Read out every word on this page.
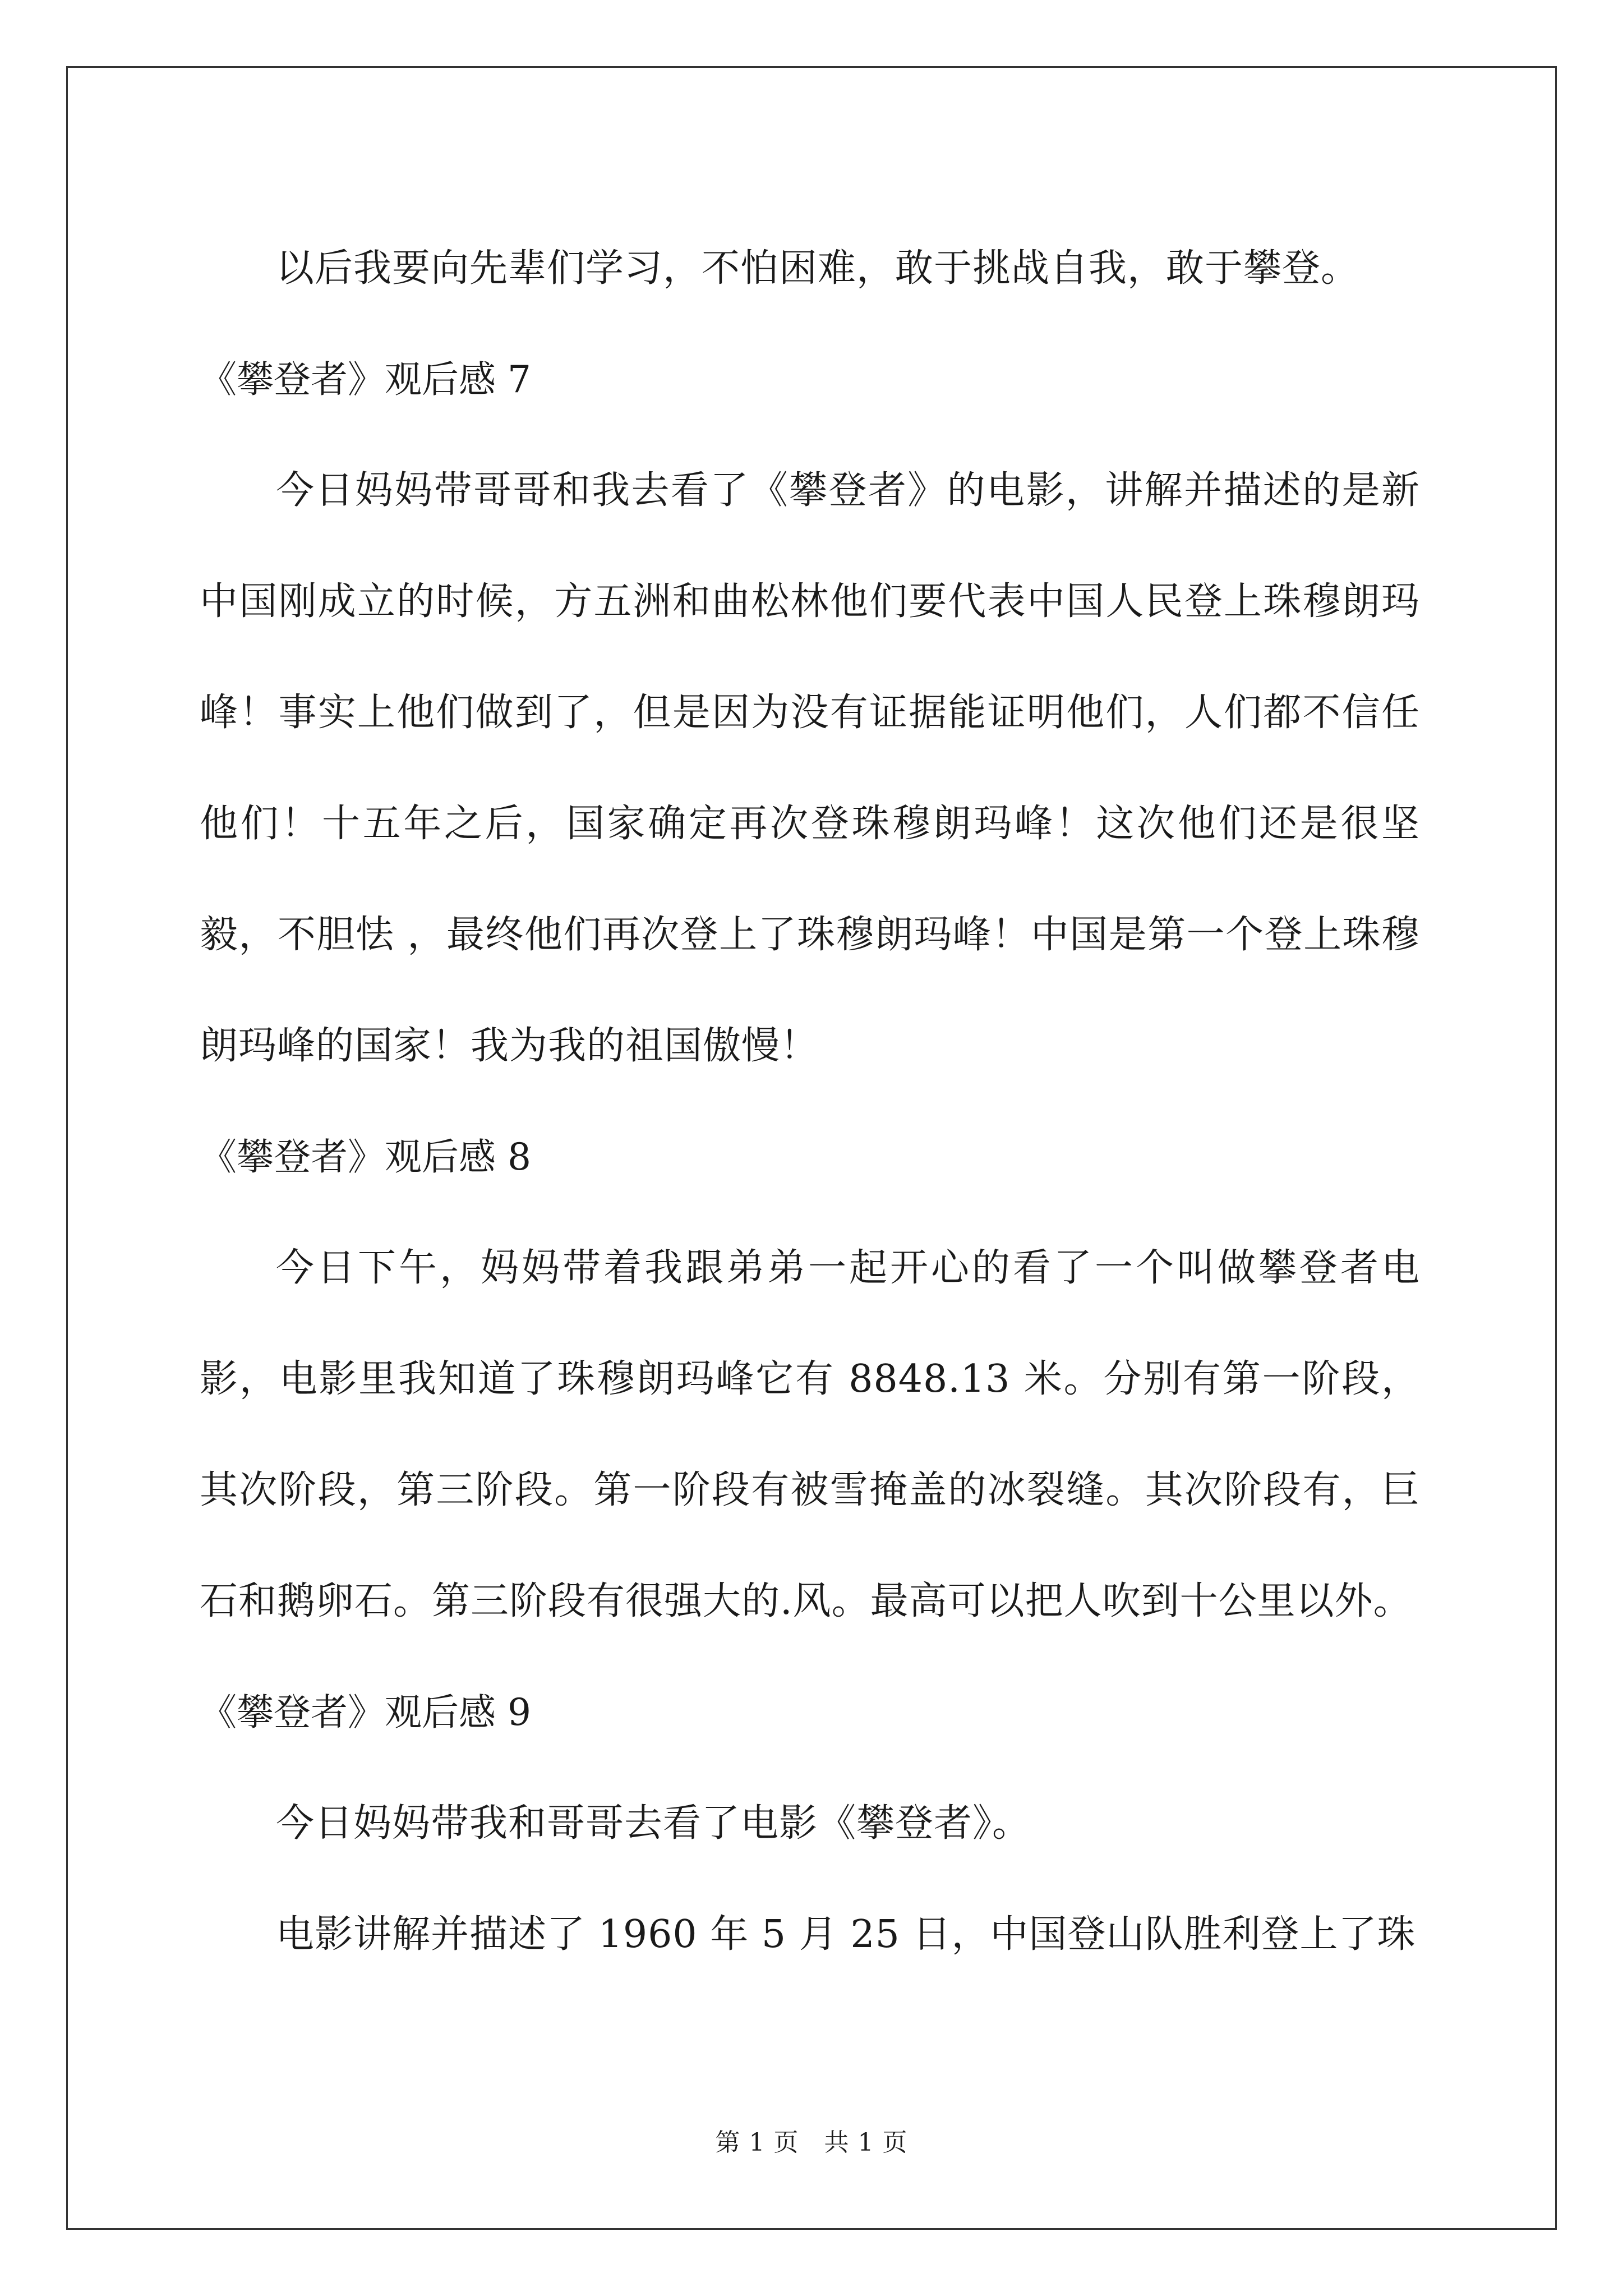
以后我要向先辈们学习，不怕困难，敢于挑战自我，敢于攀登。

《攀登者》观后感 7

今日妈妈带哥哥和我去看了《攀登者》的电影，讲解并描述的是新中国刚成立的时候，方五洲和曲松林他们要代表中国人民登上珠穆朗玛峰！事实上他们做到了，但是因为没有证据能证明他们，人们都不信任他们！十五年之后，国家确定再次登珠穆朗玛峰！这次他们还是很坚毅，不胆怯 ，最终他们再次登上了珠穆朗玛峰！中国是第一个登上珠穆朗玛峰的国家！我为我的祖国傲慢！

《攀登者》观后感 8

今日下午，妈妈带着我跟弟弟一起开心的看了一个叫做攀登者电影，电影里我知道了珠穆朗玛峰它有 8848.13 米。分别有第一阶段，其次阶段，第三阶段。第一阶段有被雪掩盖的冰裂缝。其次阶段有，巨石和鹅卵石。第三阶段有很强大的.风。最高可以把人吹到十公里以外。

《攀登者》观后感 9

今日妈妈带我和哥哥去看了电影《攀登者》。

电影讲解并描述了 1960 年 5 月 25 日，中国登山队胜利登上了珠

第 1 页　共 1 页
